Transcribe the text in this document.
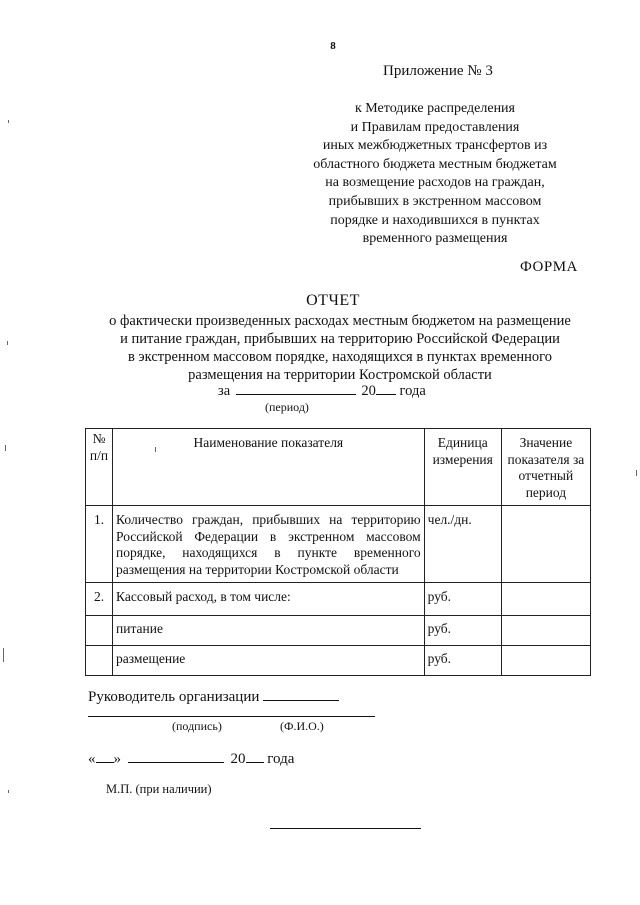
8
Приложение № 3
к Методике распределения
и Правилам предоставления
иных межбюджетных трансфертов из
областного бюджета местным бюджетам
на возмещение расходов на граждан,
прибывших в экстренном массовом
порядке и находившихся в пунктах
временного размещения
ФОРМА
ОТЧЕТ
о фактически произведенных расходах местным бюджетом на размещение
и питание граждан, прибывших на территорию Российской Федерации
в экстренном массовом порядке, находящихся в пунктах временного
размещения на территории Костромской области
за	20 года
(период)
№ п/п	Наименование показателя	Единица измерения	Значение показателя за отчетный период
1.	Количество граждан, прибывших на территорию Российской Федерации в экстренном массовом порядке, находящихся в пункте временного размещения на территории Костромской области	чел./дн.	
2.	Кассовый расход, в том числе:	руб.	
	питание	руб.	
	размещение	руб.	
Руководитель организации
(подпись)	(Ф.И.О.)
« »	20 года
М.П. (при наличии)
